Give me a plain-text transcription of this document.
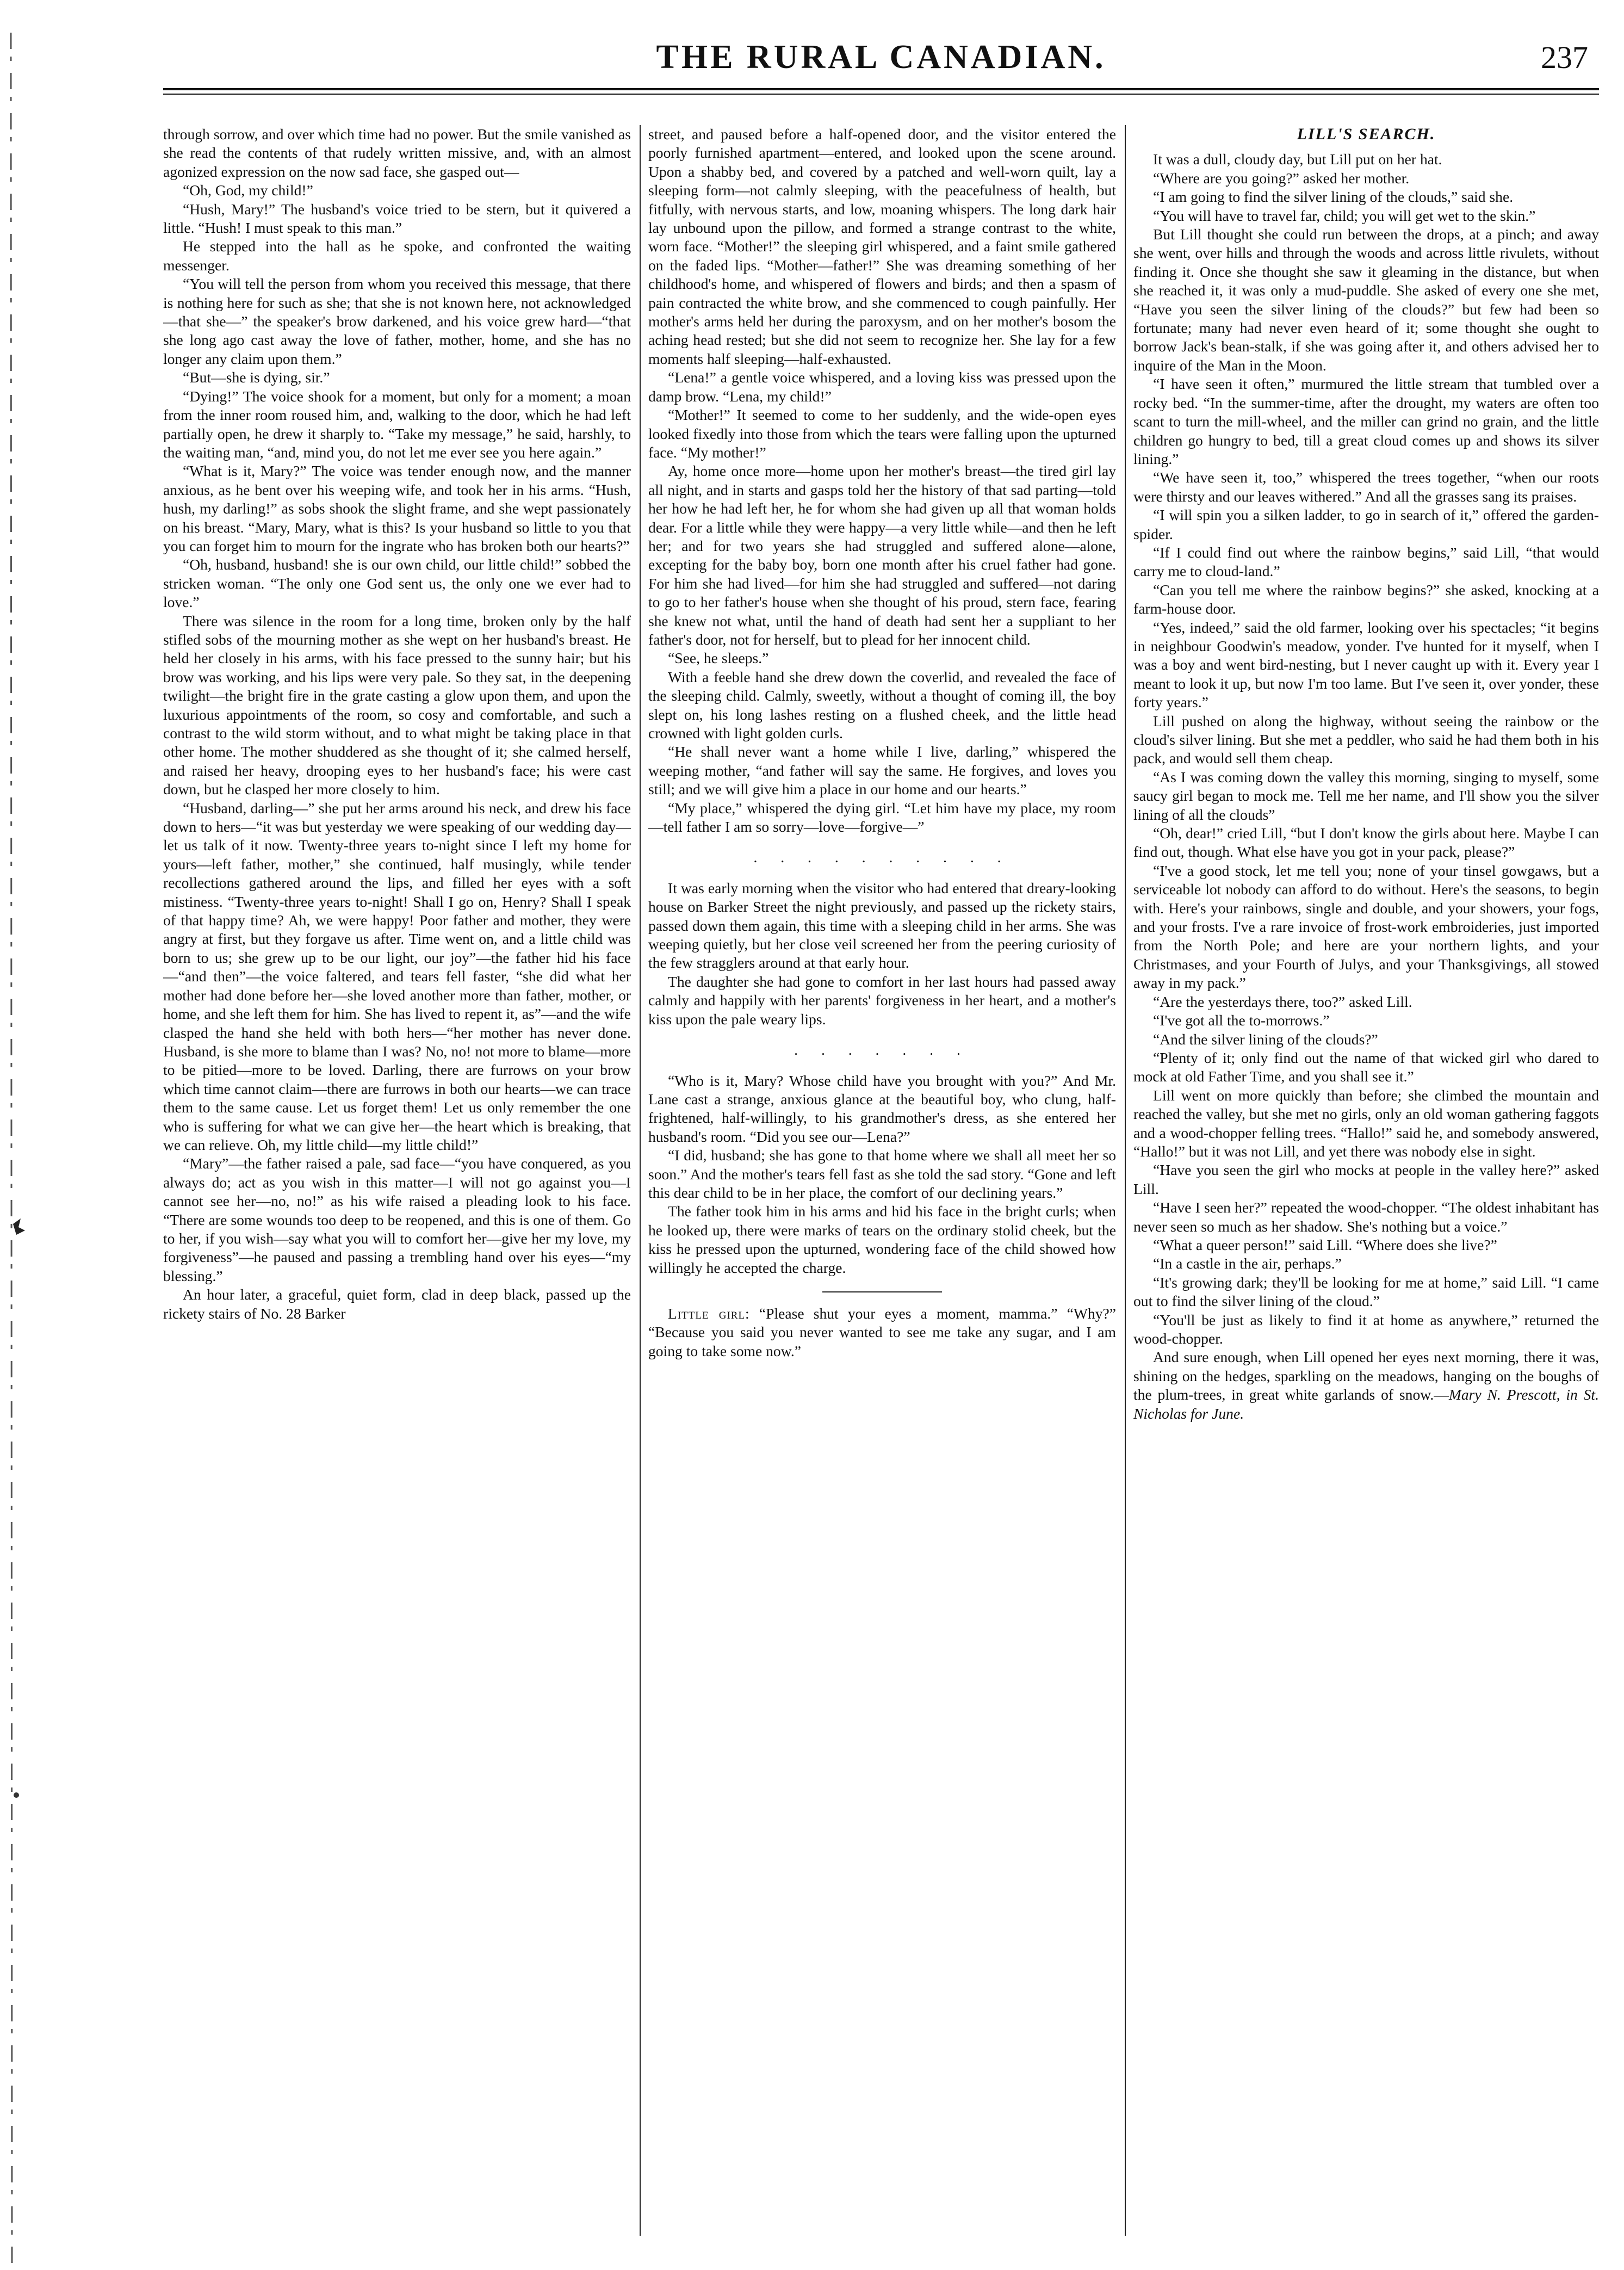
THE RURAL CANADIAN.	237

through sorrow, and over which time had no power. But the smile vanished as she read the contents of that rudely written missive, and, with an almost agonized expression on the now sad face, she gasped out—

“Oh, God, my child!”

“Hush, Mary!” The husband's voice tried to be stern, but it quivered a little. “Hush! I must speak to this man.”

He stepped into the hall as he spoke, and confronted the waiting messenger.

“You will tell the person from whom you received this message, that there is nothing here for such as she; that she is not known here, not acknowledged—that she—” the speaker's brow darkened, and his voice grew hard—“that she long ago cast away the love of father, mother, home, and she has no longer any claim upon them.”

“But—she is dying, sir.”

“Dying!” The voice shook for a moment, but only for a moment; a moan from the inner room roused him, and, walking to the door, which he had left partially open, he drew it sharply to. “Take my message,” he said, harshly, to the waiting man, “and, mind you, do not let me ever see you here again.”

“What is it, Mary?” The voice was tender enough now, and the manner anxious, as he bent over his weeping wife, and took her in his arms. “Hush, hush, my darling!” as sobs shook the slight frame, and she wept passionately on his breast. “Mary, Mary, what is this? Is your husband so little to you that you can forget him to mourn for the ingrate who has broken both our hearts?”

“Oh, husband, husband! she is our own child, our little child!” sobbed the stricken woman. “The only one God sent us, the only one we ever had to love.”

There was silence in the room for a long time, broken only by the half stifled sobs of the mourning mother as she wept on her husband's breast. He held her closely in his arms, with his face pressed to the sunny hair; but his brow was working, and his lips were very pale. So they sat, in the deepening twilight—the bright fire in the grate casting a glow upon them, and upon the luxurious appointments of the room, so cosy and comfortable, and such a contrast to the wild storm without, and to what might be taking place in that other home. The mother shuddered as she thought of it; she calmed herself, and raised her heavy, drooping eyes to her husband's face; his were cast down, but he clasped her more closely to him.

“Husband, darling—” she put her arms around his neck, and drew his face down to hers—“it was but yesterday we were speaking of our wedding day—let us talk of it now. Twenty-three years to-night since I left my home for yours—left father, mother,” she continued, half musingly, while tender recollections gathered around the lips, and filled her eyes with a soft mistiness. “Twenty-three years to-night! Shall I go on, Henry? Shall I speak of that happy time? Ah, we were happy! Poor father and mother, they were angry at first, but they forgave us after. Time went on, and a little child was born to us; she grew up to be our light, our joy”—the father hid his face—“and then”—the voice faltered, and tears fell faster, “she did what her mother had done before her—she loved another more than father, mother, or home, and she left them for him. She has lived to repent it, as”—and the wife clasped the hand she held with both hers—“her mother has never done. Husband, is she more to blame than I was? No, no! not more to blame—more to be pitied—more to be loved. Darling, there are furrows on your brow which time cannot claim—there are furrows in both our hearts—we can trace them to the same cause. Let us forget them! Let us only remember the one who is suffering for what we can give her—the heart which is breaking, that we can relieve. Oh, my little child—my little child!”

“Mary”—the father raised a pale, sad face—“you have conquered, as you always do; act as you wish in this matter—I will not go against you—I cannot see her—no, no!” as his wife raised a pleading look to his face. “There are some wounds too deep to be reopened, and this is one of them. Go to her, if you wish—say what you will to comfort her—give her my love, my forgiveness”—he paused and passing a trembling hand over his eyes—“my blessing.”

An hour later, a graceful, quiet form, clad in deep black, passed up the rickety stairs of No. 28 Barker

street, and paused before a half-opened door, and the visitor entered the poorly furnished apartment—entered, and looked upon the scene around. Upon a shabby bed, and covered by a patched and well-worn quilt, lay a sleeping form—not calmly sleeping, with the peacefulness of health, but fitfully, with nervous starts, and low, moaning whispers. The long dark hair lay unbound upon the pillow, and formed a strange contrast to the white, worn face. “Mother!” the sleeping girl whispered, and a faint smile gathered on the faded lips. “Mother—father!” She was dreaming something of her childhood's home, and whispered of flowers and birds; and then a spasm of pain contracted the white brow, and she commenced to cough painfully. Her mother's arms held her during the paroxysm, and on her mother's bosom the aching head rested; but she did not seem to recognize her. She lay for a few moments half sleeping—half-exhausted.

“Lena!” a gentle voice whispered, and a loving kiss was pressed upon the damp brow. “Lena, my child!”

“Mother!” It seemed to come to her suddenly, and the wide-open eyes looked fixedly into those from which the tears were falling upon the upturned face. “My mother!”

Ay, home once more—home upon her mother's breast—the tired girl lay all night, and in starts and gasps told her the history of that sad parting—told her how he had left her, he for whom she had given up all that woman holds dear. For a little while they were happy—a very little while—and then he left her; and for two years she had struggled and suffered alone—alone, excepting for the baby boy, born one month after his cruel father had gone. For him she had lived—for him she had struggled and suffered—not daring to go to her father's house when she thought of his proud, stern face, fearing she knew not what, until the hand of death had sent her a suppliant to her father's door, not for herself, but to plead for her innocent child.

“See, he sleeps.”

With a feeble hand she drew down the coverlid, and revealed the face of the sleeping child. Calmly, sweetly, without a thought of coming ill, the boy slept on, his long lashes resting on a flushed cheek, and the little head crowned with light golden curls.

“He shall never want a home while I live, darling,” whispered the weeping mother, “and father will say the same. He forgives, and loves you still; and we will give him a place in our home and our hearts.”

“My place,” whispered the dying girl. “Let him have my place, my room—tell father I am so sorry—love—forgive—”

. . . . . . . . . .

It was early morning when the visitor who had entered that dreary-looking house on Barker Street the night previously, and passed up the rickety stairs, passed down them again, this time with a sleeping child in her arms. She was weeping quietly, but her close veil screened her from the peering curiosity of the few stragglers around at that early hour.

The daughter she had gone to comfort in her last hours had passed away calmly and happily with her parents' forgiveness in her heart, and a mother's kiss upon the pale weary lips.

. . . . . . .

“Who is it, Mary? Whose child have you brought with you?” And Mr. Lane cast a strange, anxious glance at the beautiful boy, who clung, half-frightened, half-willingly, to his grandmother's dress, as she entered her husband's room. “Did you see our—Lena?”

“I did, husband; she has gone to that home where we shall all meet her so soon.” And the mother's tears fell fast as she told the sad story. “Gone and left this dear child to be in her place, the comfort of our declining years.”

The father took him in his arms and hid his face in the bright curls; when he looked up, there were marks of tears on the ordinary stolid cheek, but the kiss he pressed upon the upturned, wondering face of the child showed how willingly he accepted the charge.

Little girl: “Please shut your eyes a moment, mamma.” “Why?” “Because you said you never wanted to see me take any sugar, and I am going to take some now.”

LILL'S SEARCH.

It was a dull, cloudy day, but Lill put on her hat.

“Where are you going?” asked her mother.

“I am going to find the silver lining of the clouds,” said she.

“You will have to travel far, child; you will get wet to the skin.”

But Lill thought she could run between the drops, at a pinch; and away she went, over hills and through the woods and across little rivulets, without finding it. Once she thought she saw it gleaming in the distance, but when she reached it, it was only a mud-puddle. She asked of every one she met, “Have you seen the silver lining of the clouds?” but few had been so fortunate; many had never even heard of it; some thought she ought to borrow Jack's bean-stalk, if she was going after it, and others advised her to inquire of the Man in the Moon.

“I have seen it often,” murmured the little stream that tumbled over a rocky bed. “In the summer-time, after the drought, my waters are often too scant to turn the mill-wheel, and the miller can grind no grain, and the little children go hungry to bed, till a great cloud comes up and shows its silver lining.”

“We have seen it, too,” whispered the trees together, “when our roots were thirsty and our leaves withered.” And all the grasses sang its praises.

“I will spin you a silken ladder, to go in search of it,” offered the garden-spider.

“If I could find out where the rainbow begins,” said Lill, “that would carry me to cloud-land.”

“Can you tell me where the rainbow begins?” she asked, knocking at a farm-house door.

“Yes, indeed,” said the old farmer, looking over his spectacles; “it begins in neighbour Goodwin's meadow, yonder. I've hunted for it myself, when I was a boy and went bird-nesting, but I never caught up with it. Every year I meant to look it up, but now I'm too lame. But I've seen it, over yonder, these forty years.”

Lill pushed on along the highway, without seeing the rainbow or the cloud's silver lining. But she met a peddler, who said he had them both in his pack, and would sell them cheap.

“As I was coming down the valley this morning, singing to myself, some saucy girl began to mock me. Tell me her name, and I'll show you the silver lining of all the clouds”

“Oh, dear!” cried Lill, “but I don't know the girls about here. Maybe I can find out, though. What else have you got in your pack, please?”

“I've a good stock, let me tell you; none of your tinsel gowgaws, but a serviceable lot nobody can afford to do without. Here's the seasons, to begin with. Here's your rainbows, single and double, and your showers, your fogs, and your frosts. I've a rare invoice of frost-work embroideries, just imported from the North Pole; and here are your northern lights, and your Christmases, and your Fourth of Julys, and your Thanksgivings, all stowed away in my pack.”

“Are the yesterdays there, too?” asked Lill.

“I've got all the to-morrows.”

“And the silver lining of the clouds?”

“Plenty of it; only find out the name of that wicked girl who dared to mock at old Father Time, and you shall see it.”

Lill went on more quickly than before; she climbed the mountain and reached the valley, but she met no girls, only an old woman gathering faggots and a wood-chopper felling trees. “Hallo!” said he, and somebody answered, “Hallo!” but it was not Lill, and yet there was nobody else in sight.

“Have you seen the girl who mocks at people in the valley here?” asked Lill.

“Have I seen her?” repeated the wood-chopper. “The oldest inhabitant has never seen so much as her shadow. She's nothing but a voice.”

“What a queer person!” said Lill. “Where does she live?”

“In a castle in the air, perhaps.”

“It's growing dark; they'll be looking for me at home,” said Lill. “I came out to find the silver lining of the cloud.”

“You'll be just as likely to find it at home as anywhere,” returned the wood-chopper.

And sure enough, when Lill opened her eyes next morning, there it was, shining on the hedges, sparkling on the meadows, hanging on the boughs of the plum-trees, in great white garlands of snow.—Mary N. Prescott, in St. Nicholas for June.
